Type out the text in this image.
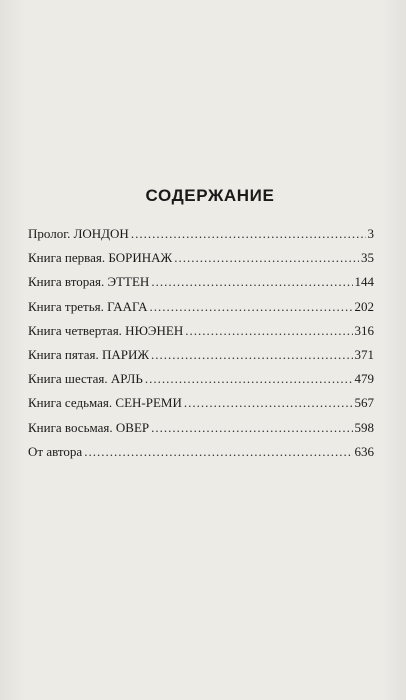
СОДЕРЖАНИЕ
Пролог. ЛОНДОН .....	3
Книга первая. БОРИНАЖ .....	35
Книга вторая. ЭТТЕН .....	144
Книга третья. ГААГА .....	202
Книга четвертая. НЮЭНЕН .....	316
Книга пятая. ПАРИЖ .....	371
Книга шестая. АРЛЬ .....	479
Книга седьмая. СЕН-РЕМИ .....	567
Книга восьмая. ОВЕР .....	598
От автора .....	636
